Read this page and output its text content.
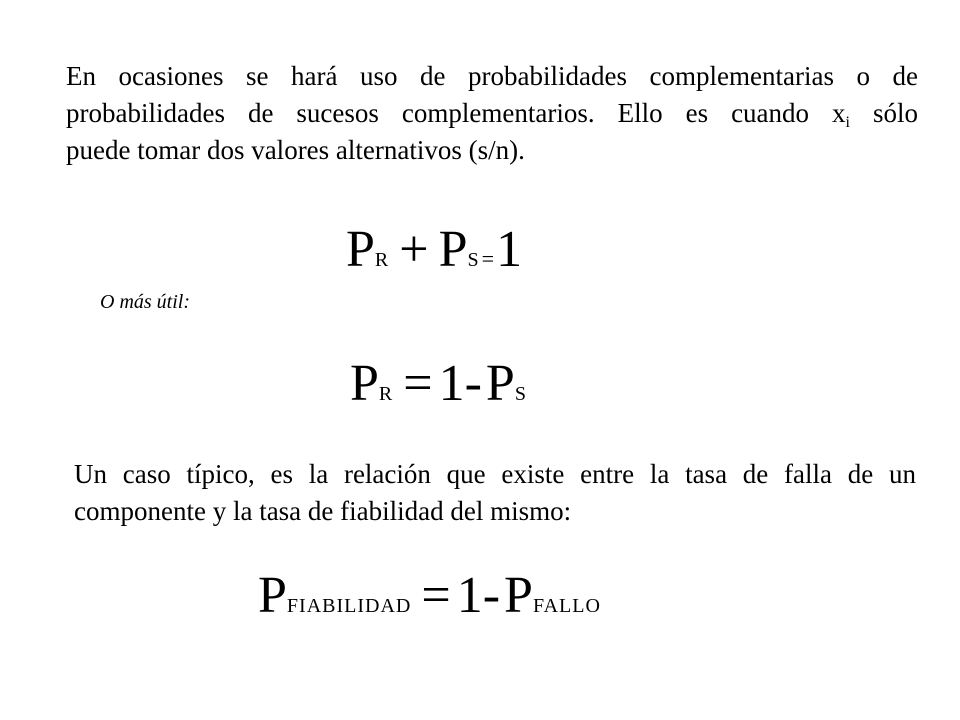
En ocasiones se hará uso de probabilidades complementarias o de
probabilidades de sucesos complementarios. Ello es cuando $x_i$ sólo
puede tomar dos valores alternativos (s/n).
PR + PS=1
O más útil:
PR = 1- PS
Un caso típico, es la relación que existe entre la tasa de falla de un
componente y la tasa de fiabilidad del mismo:
PFIABILIDAD = 1- PFALLO
